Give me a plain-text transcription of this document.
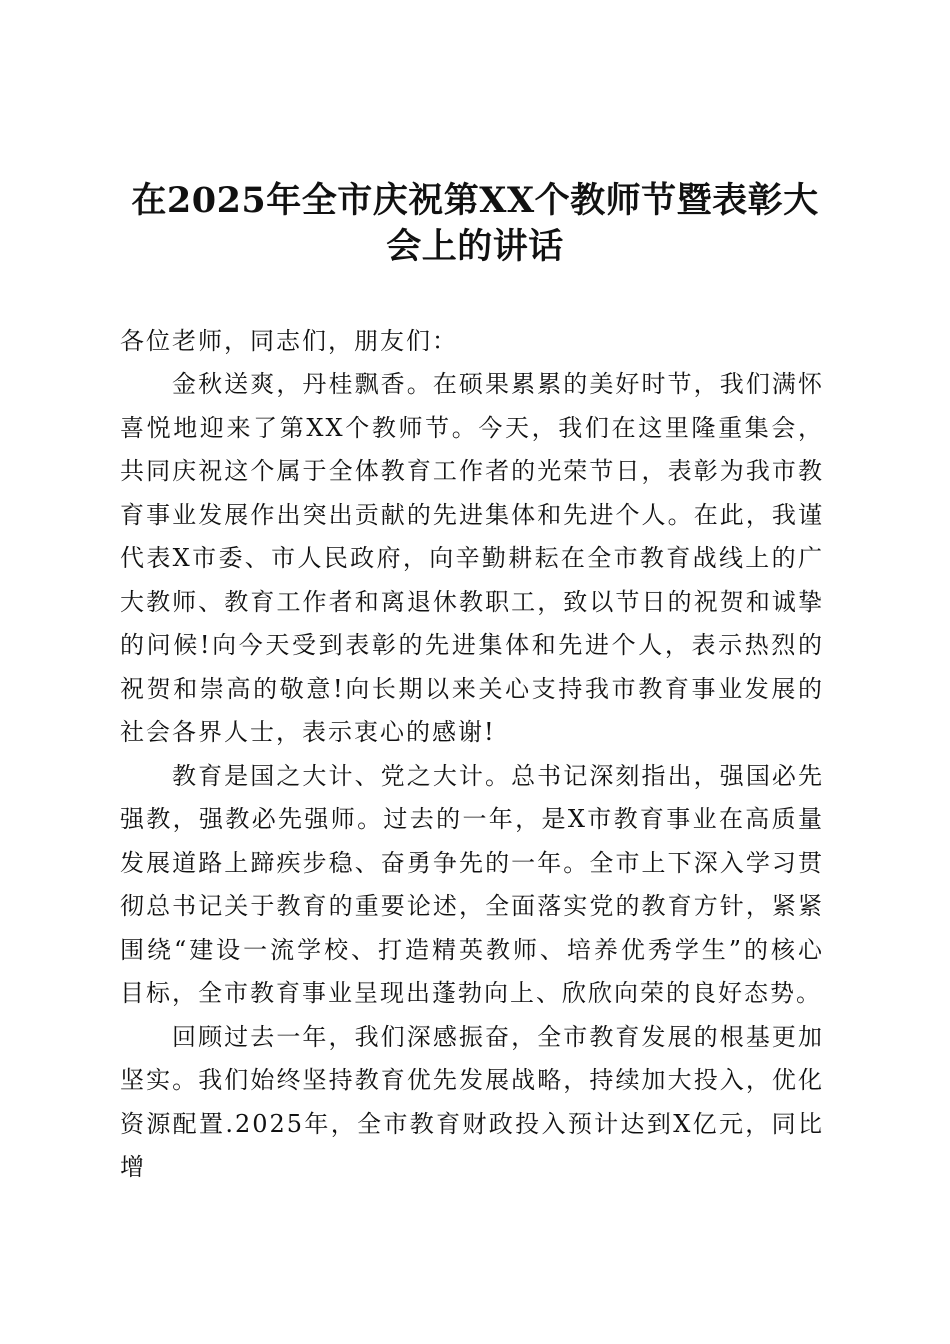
在2025年全市庆祝第XX个教师节暨表彰大会上的讲话

各位老师，同志们，朋友们：

金秋送爽，丹桂飘香。在硕果累累的美好时节，我们满怀喜悦地迎来了第XX个教师节。今天，我们在这里隆重集会，共同庆祝这个属于全体教育工作者的光荣节日，表彰为我市教育事业发展作出突出贡献的先进集体和先进个人。在此，我谨代表X市委、市人民政府，向辛勤耕耘在全市教育战线上的广大教师、教育工作者和离退休教职工，致以节日的祝贺和诚挚的问候!向今天受到表彰的先进集体和先进个人，表示热烈的祝贺和崇高的敬意!向长期以来关心支持我市教育事业发展的社会各界人士，表示衷心的感谢!

教育是国之大计、党之大计。总书记深刻指出，强国必先强教，强教必先强师。过去的一年，是X市教育事业在高质量发展道路上蹄疾步稳、奋勇争先的一年。全市上下深入学习贯彻总书记关于教育的重要论述，全面落实党的教育方针，紧紧围绕“建设一流学校、打造精英教师、培养优秀学生”的核心目标，全市教育事业呈现出蓬勃向上、欣欣向荣的良好态势。

回顾过去一年，我们深感振奋，全市教育发展的根基更加坚实。我们始终坚持教育优先发展战略，持续加大投入，优化资源配置.2025年，全市教育财政投入预计达到X亿元，同比增
